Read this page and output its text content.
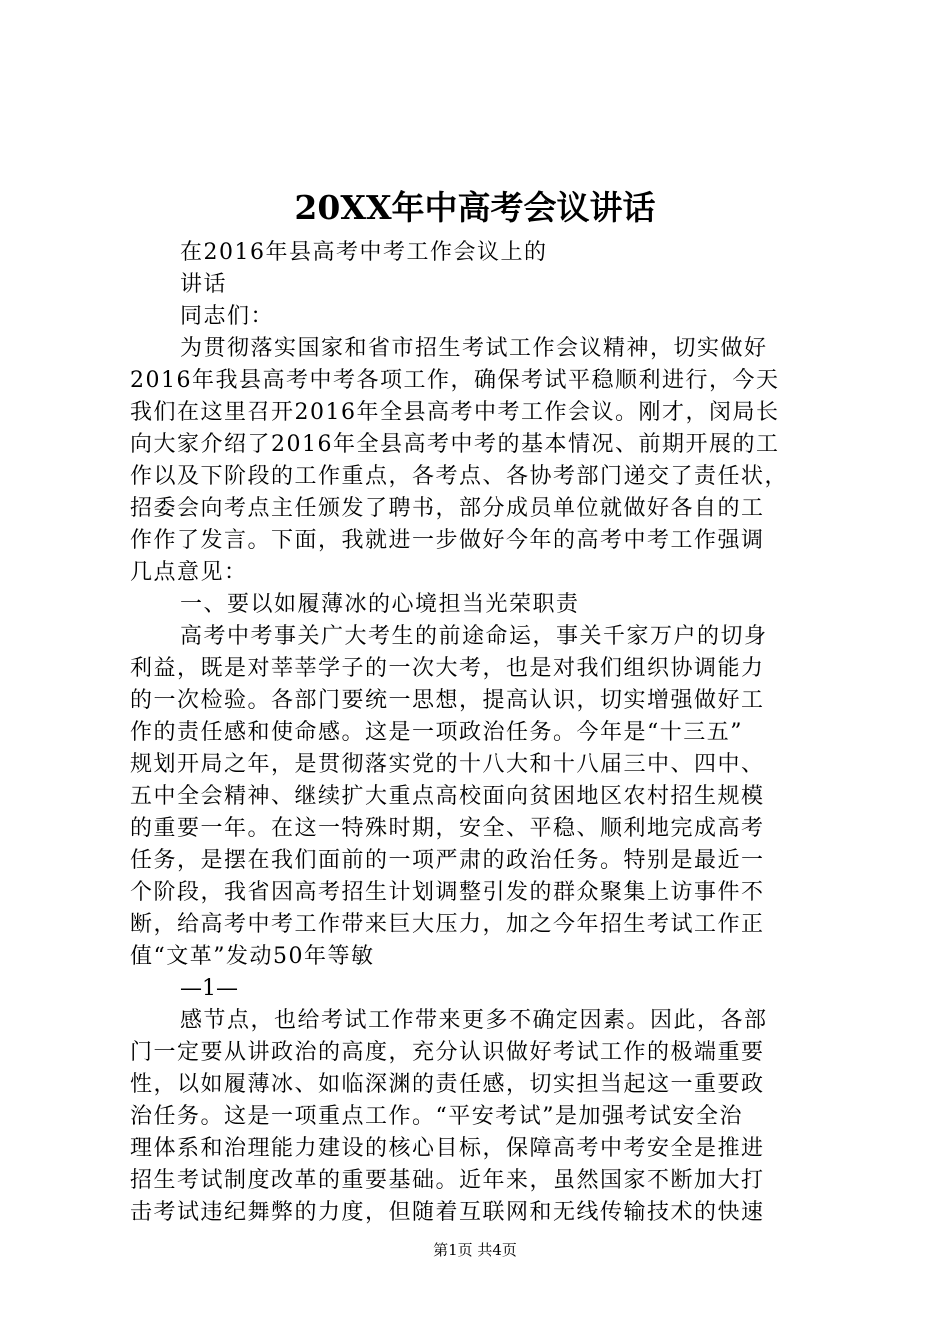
20XX年中高考会议讲话
在2016年县高考中考工作会议上的
讲话
同志们：
为贯彻落实国家和省市招生考试工作会议精神，切实做好
2016年我县高考中考各项工作，确保考试平稳顺利进行，今天
我们在这里召开2016年全县高考中考工作会议。刚才，闵局长
向大家介绍了2016年全县高考中考的基本情况、前期开展的工
作以及下阶段的工作重点，各考点、各协考部门递交了责任状，
招委会向考点主任颁发了聘书，部分成员单位就做好各自的工
作作了发言。下面，我就进一步做好今年的高考中考工作强调
几点意见：
一、要以如履薄冰的心境担当光荣职责
高考中考事关广大考生的前途命运，事关千家万户的切身
利益，既是对莘莘学子的一次大考，也是对我们组织协调能力
的一次检验。各部门要统一思想，提高认识，切实增强做好工
作的责任感和使命感。这是一项政治任务。今年是“十三五”
规划开局之年，是贯彻落实党的十八大和十八届三中、四中、
五中全会精神、继续扩大重点高校面向贫困地区农村招生规模
的重要一年。在这一特殊时期，安全、平稳、顺利地完成高考
任务，是摆在我们面前的一项严肃的政治任务。特别是最近一
个阶段，我省因高考招生计划调整引发的群众聚集上访事件不
断，给高考中考工作带来巨大压力，加之今年招生考试工作正
值“文革”发动50年等敏
—1—
感节点，也给考试工作带来更多不确定因素。因此，各部
门一定要从讲政治的高度，充分认识做好考试工作的极端重要
性，以如履薄冰、如临深渊的责任感，切实担当起这一重要政
治任务。这是一项重点工作。“平安考试”是加强考试安全治
理体系和治理能力建设的核心目标，保障高考中考安全是推进
招生考试制度改革的重要基础。近年来，虽然国家不断加大打
击考试违纪舞弊的力度，但随着互联网和无线传输技术的快速
第1页 共4页
